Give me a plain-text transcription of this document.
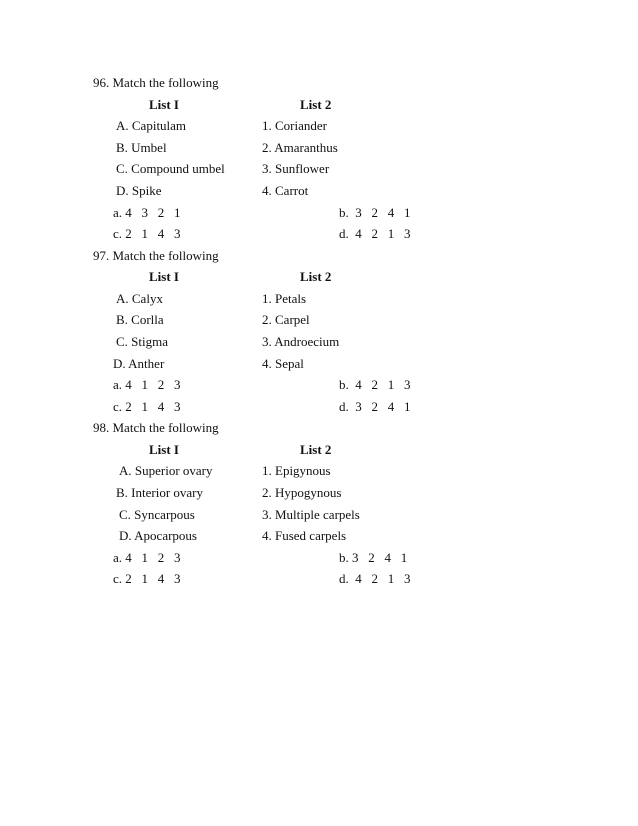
96. Match the following
List I	List 2
A. Capitulam	1. Coriander
B. Umbel	2. Amaranthus
C. Compound umbel	3. Sunflower
D. Spike	4. Carrot
a. 4   3   2   1	b.  3   2   4   1
c. 2   1   4   3	d.  4   2   1   3
97. Match the following
List I	List 2
A. Calyx	1. Petals
B. Corlla	2. Carpel
C. Stigma	3. Androecium
D. Anther	4. Sepal
a. 4   1   2   3	b.  4   2   1   3
c. 2   1   4   3	d.  3   2   4   1
98. Match the following
List I	List 2
A. Superior ovary	1. Epigynous
B. Interior ovary	2. Hypogynous
C. Syncarpous	3. Multiple carpels
D. Apocarpous	4. Fused carpels
a. 4   1   2   3	b. 3   2   4   1
c. 2   1   4   3	d.  4   2   1   3
